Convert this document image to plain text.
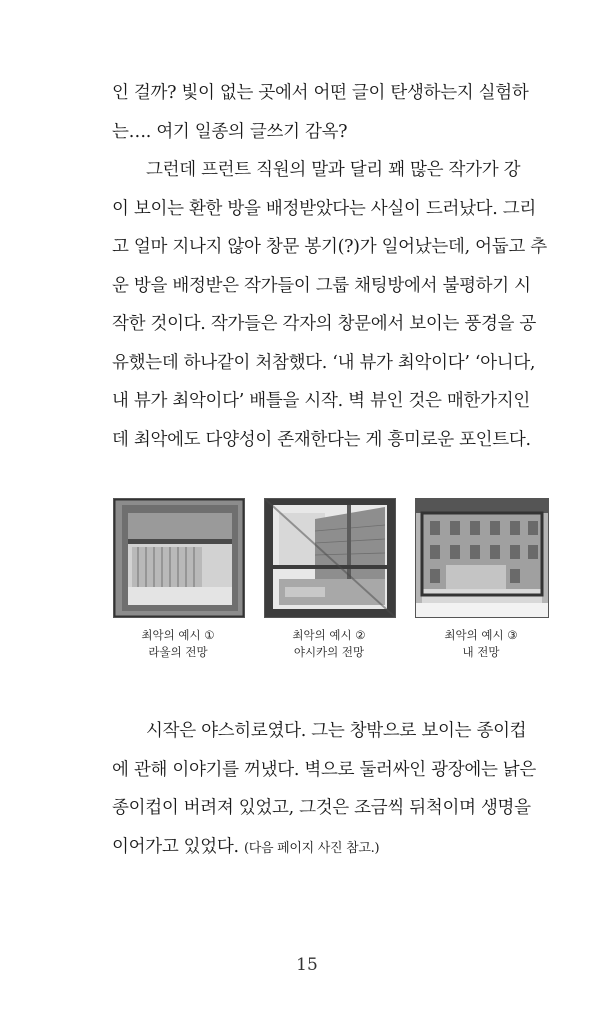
인 걸까? 빛이 없는 곳에서 어떤 글이 탄생하는지 실험하
는…. 여기 일종의 글쓰기 감옥?
그런데 프런트 직원의 말과 달리 꽤 많은 작가가 강
이 보이는 환한 방을 배정받았다는 사실이 드러났다. 그리
고 얼마 지나지 않아 창문 봉기(?)가 일어났는데, 어둡고 추
운 방을 배정받은 작가들이 그룹 채팅방에서 불평하기 시
작한 것이다. 작가들은 각자의 창문에서 보이는 풍경을 공
유했는데 하나같이 처참했다. ‘내 뷰가 최악이다’ ‘아니다,
내 뷰가 최악이다’ 배틀을 시작. 벽 뷰인 것은 매한가지인
데 최악에도 다양성이 존재한다는 게 흥미로운 포인트다.
최악의 예시 ①
라울의 전망
최악의 예시 ②
야시카의 전망
최악의 예시 ③
내 전망
시작은 야스히로였다. 그는 창밖으로 보이는 종이컵
에 관해 이야기를 꺼냈다. 벽으로 둘러싸인 광장에는 낡은
종이컵이 버려져 있었고, 그것은 조금씩 뒤척이며 생명을
이어가고 있었다. (다음 페이지 사진 참고.)
15
